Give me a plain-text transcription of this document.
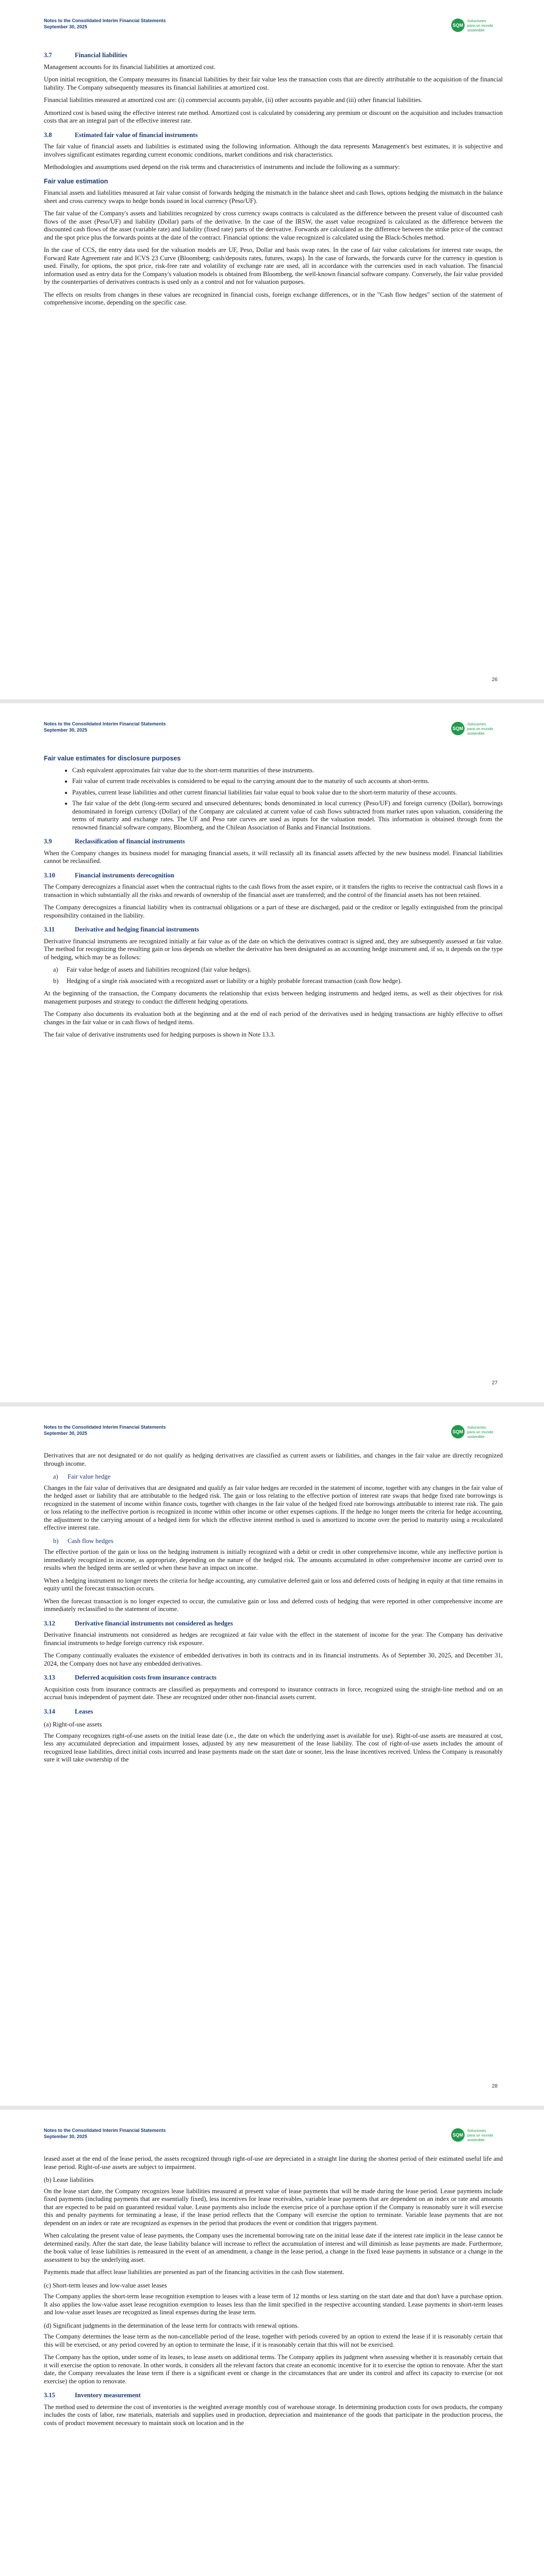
Notes to the Consolidated Interim Financial Statements
September 30, 2025	SQM
Soluciones
para un mundo
sostenible
3.7	Financial liabilities

Management accounts for its financial liabilities at amortized cost.

Upon initial recognition, the Company measures its financial liabilities by their fair value less the transaction costs that are directly attributable to the acquisition of the financial liability. The Company subsequently measures its financial liabilities at amortized cost.

Financial liabilities measured at amortized cost are: (i) commercial accounts payable, (ii) other accounts payable and (iii) other financial liabilities.

Amortized cost is based using the effective interest rate method. Amortized cost is calculated by considering any premium or discount on the acquisition and includes transaction costs that are an integral part of the effective interest rate.

3.8	Estimated fair value of financial instruments

The fair value of financial assets and liabilities is estimated using the following information. Although the data represents Management's best estimates, it is subjective and involves significant estimates regarding current economic conditions, market conditions and risk characteristics.

Methodologies and assumptions used depend on the risk terms and characteristics of instruments and include the following as a summary:

Fair value estimation

Financial assets and liabilities measured at fair value consist of forwards hedging the mismatch in the balance sheet and cash flows, options hedging the mismatch in the balance sheet and cross currency swaps to hedge bonds issued in local currency (Peso/UF).

The fair value of the Company's assets and liabilities recognized by cross currency swaps contracts is calculated as the difference between the present value of discounted cash flows of the asset (Peso/UF) and liability (Dollar) parts of the derivative. In the case of the IRSW, the asset value recognized is calculated as the difference between the discounted cash flows of the asset (variable rate) and liability (fixed rate) parts of the derivative. Forwards are calculated as the difference between the strike price of the contract and the spot price plus the forwards points at the date of the contract. Financial options: the value recognized is calculated using the Black-Scholes method.

In the case of CCS, the entry data used for the valuation models are UF, Peso, Dollar and basis swap rates. In the case of fair value calculations for interest rate swaps, the Forward Rate Agreement rate and ICVS 23 Curve (Bloomberg; cash/deposits rates, futures, swaps). In the case of forwards, the forwards curve for the currency in question is used. Finally, for options, the spot price, risk-free rate and volatility of exchange rate are used, all in accordance with the currencies used in each valuation. The financial information used as entry data for the Company's valuation models is obtained from Bloomberg, the well-known financial software company. Conversely, the fair value provided by the counterparties of derivatives contracts is used only as a control and not for valuation purposes.

The effects on results from changes in these values are recognized in financial costs, foreign exchange differences, or in the "Cash flow hedges" section of the statement of comprehensive income, depending on the specific case.

26
Notes to the Consolidated Interim Financial Statements
September 30, 2025	SQM
Soluciones
para un mundo
sostenible
Fair value estimates for disclosure purposes
• Cash equivalent approximates fair value due to the short-term maturities of these instruments.
• Fair value of current trade receivables is considered to be equal to the carrying amount due to the maturity of such accounts at short-terms.
• Payables, current lease liabilities and other current financial liabilities fair value equal to book value due to the short-term maturity of these accounts.
• The fair value of the debt (long-term secured and unsecured debentures; bonds denominated in local currency (Peso/UF) and foreign currency (Dollar), borrowings denominated in foreign currency (Dollar) of the Company are calculated at current value of cash flows subtracted from market rates upon valuation, considering the terms of maturity and exchange rates. The UF and Peso rate curves are used as inputs for the valuation model. This information is obtained through from the renowned financial software company, Bloomberg, and the Chilean Association of Banks and Financial Institutions.
3.9	Reclassification of financial instruments

When the Company changes its business model for managing financial assets, it will reclassify all its financial assets affected by the new business model. Financial liabilities cannot be reclassified.

3.10	Financial instruments derecognition

The Company derecognizes a financial asset when the contractual rights to the cash flows from the asset expire, or it transfers the rights to receive the contractual cash flows in a transaction in which substantially all the risks and rewards of ownership of the financial asset are transferred; and the control of the financial assets has not been retained.

The Company derecognizes a financial liability when its contractual obligations or a part of these are discharged, paid or the creditor or legally extinguished from the principal responsibility contained in the liability.

3.11	Derivative and hedging financial instruments

Derivative financial instruments are recognized initially at fair value as of the date on which the derivatives contract is signed and, they are subsequently assessed at fair value. The method for recognizing the resulting gain or loss depends on whether the derivative has been designated as an accounting hedge instrument and, if so, it depends on the type of hedging, which may be as follows:

a)	Fair value hedge of assets and liabilities recognized (fair value hedges).
b)	Hedging of a single risk associated with a recognized asset or liability or a highly probable forecast transaction (cash flow hedge).

At the beginning of the transaction, the Company documents the relationship that exists between hedging instruments and hedged items, as well as their objectives for risk management purposes and strategy to conduct the different hedging operations.

The Company also documents its evaluation both at the beginning and at the end of each period of the derivatives used in hedging transactions are highly effective to offset changes in the fair value or in cash flows of hedged items.

The fair value of derivative instruments used for hedging purposes is shown in Note 13.3.

27
Notes to the Consolidated Interim Financial Statements
September 30, 2025	SQM
Soluciones
para un mundo
sostenible

Derivatives that are not designated or do not qualify as hedging derivatives are classified as current assets or liabilities, and changes in the fair value are directly recognized through income.

a)	Fair value hedge

Changes in the fair value of derivatives that are designated and qualify as fair value hedges are recorded in the statement of income, together with any changes in the fair value of the hedged asset or liability that are attributable to the hedged risk. The gain or loss relating to the effective portion of interest rate swaps that hedge fixed rate borrowings is recognized in the statement of income within finance costs, together with changes in the fair value of the hedged fixed rate borrowings attributable to interest rate risk. The gain or loss relating to the ineffective portion is recognized in income within other income or other expenses captions. If the hedge no longer meets the criteria for hedge accounting, the adjustment to the carrying amount of a hedged item for which the effective interest method is used is amortized to income over the period to maturity using a recalculated effective interest rate.

b)	Cash flow hedges

The effective portion of the gain or loss on the hedging instrument is initially recognized with a debit or credit in other comprehensive income, while any ineffective portion is immediately recognized in income, as appropriate, depending on the nature of the hedged risk. The amounts accumulated in other comprehensive income are carried over to results when the hedged items are settled or when these have an impact on income.

When a hedging instrument no longer meets the criteria for hedge accounting, any cumulative deferred gain or loss and deferred costs of hedging in equity at that time remains in equity until the forecast transaction occurs.

When the forecast transaction is no longer expected to occur, the cumulative gain or loss and deferred costs of hedging that were reported in other comprehensive income are immediately reclassified to the statement of income.

3.12	Derivative financial instruments not considered as hedges

Derivative financial instruments not considered as hedges are recognized at fair value with the effect in the statement of income for the year. The Company has derivative financial instruments to hedge foreign currency risk exposure.

The Company continually evaluates the existence of embedded derivatives in both its contracts and in its financial instruments. As of September 30, 2025, and December 31, 2024, the Company does not have any embedded derivatives.

3.13	Deferred acquisition costs from insurance contracts

Acquisition costs from insurance contracts are classified as prepayments and correspond to insurance contracts in force, recognized using the straight-line method and on an accrual basis independent of payment date. These are recognized under other non-financial assets current.

3.14	Leases
(a) Right-of-use assets

The Company recognizes right-of-use assets on the initial lease date (i.e., the date on which the underlying asset is available for use). Right-of-use assets are measured at cost, less any accumulated depreciation and impairment losses, adjusted by any new measurement of the lease liability. The cost of right-of-use assets includes the amount of recognized lease liabilities, direct initial costs incurred and lease payments made on the start date or sooner, less the lease incentives received. Unless the Company is reasonably sure it will take ownership of the

28
Notes to the Consolidated Interim Financial Statements
September 30, 2025	SQM
Soluciones
para un mundo
sostenible

leased asset at the end of the lease period, the assets recognized through right-of-use are depreciated in a straight line during the shortest period of their estimated useful life and lease period. Right-of-use assets are subject to impairment.

(b) Lease liabilities

On the lease start date, the Company recognizes lease liabilities measured at present value of lease payments that will be made during the lease period. Lease payments include fixed payments (including payments that are essentially fixed), less incentives for lease receivables, variable lease payments that are dependent on an index or rate and amounts that are expected to be paid on guaranteed residual value. Lease payments also include the exercise price of a purchase option if the Company is reasonably sure it will exercise this and penalty payments for terminating a lease, if the lease period reflects that the Company will exercise the option to terminate. Variable lease payments that are not dependent on an index or rate are recognized as expenses in the period that produces the event or condition that triggers payment.

When calculating the present value of lease payments, the Company uses the incremental borrowing rate on the initial lease date if the interest rate implicit in the lease cannot be determined easily. After the start date, the lease liability balance will increase to reflect the accumulation of interest and will diminish as lease payments are made. Furthermore, the book value of lease liabilities is remeasured in the event of an amendment, a change in the lease period, a change in the fixed lease payments in substance or a change in the assessment to buy the underlying asset.

Payments made that affect lease liabilities are presented as part of the financing activities in the cash flow statement.

(c) Short-term leases and low-value asset leases

The Company applies the short-term lease recognition exemption to leases with a lease term of 12 months or less starting on the start date and that don't have a purchase option. It also applies the low-value asset lease recognition exemption to leases less than the limit specified in the respective accounting standard. Lease payments in short-term leases and low-value asset leases are recognized as lineal expenses during the lease term.

(d) Significant judgments in the determination of the lease term for contracts with renewal options.

The Company determines the lease term as the non-cancellable period of the lease, together with periods covered by an option to extend the lease if it is reasonably certain that this will be exercised, or any period covered by an option to terminate the lease, if it is reasonably certain that this will not be exercised.

The Company has the option, under some of its leases, to lease assets on additional terms. The Company applies its judgment when assessing whether it is reasonably certain that it will exercise the option to renovate. In other words, it considers all the relevant factors that create an economic incentive for it to exercise the option to renovate. After the start date, the Company reevaluates the lease term if there is a significant event or change in the circumstances that are under its control and affect its capacity to exercise (or not exercise) the option to renovate.

3.15	Inventory measurement

The method used to determine the cost of inventories is the weighted average monthly cost of warehouse storage. In determining production costs for own products, the company includes the costs of labor, raw materials, materials and supplies used in production, depreciation and maintenance of the goods that participate in the production process, the costs of product movement necessary to maintain stock on location and in the
